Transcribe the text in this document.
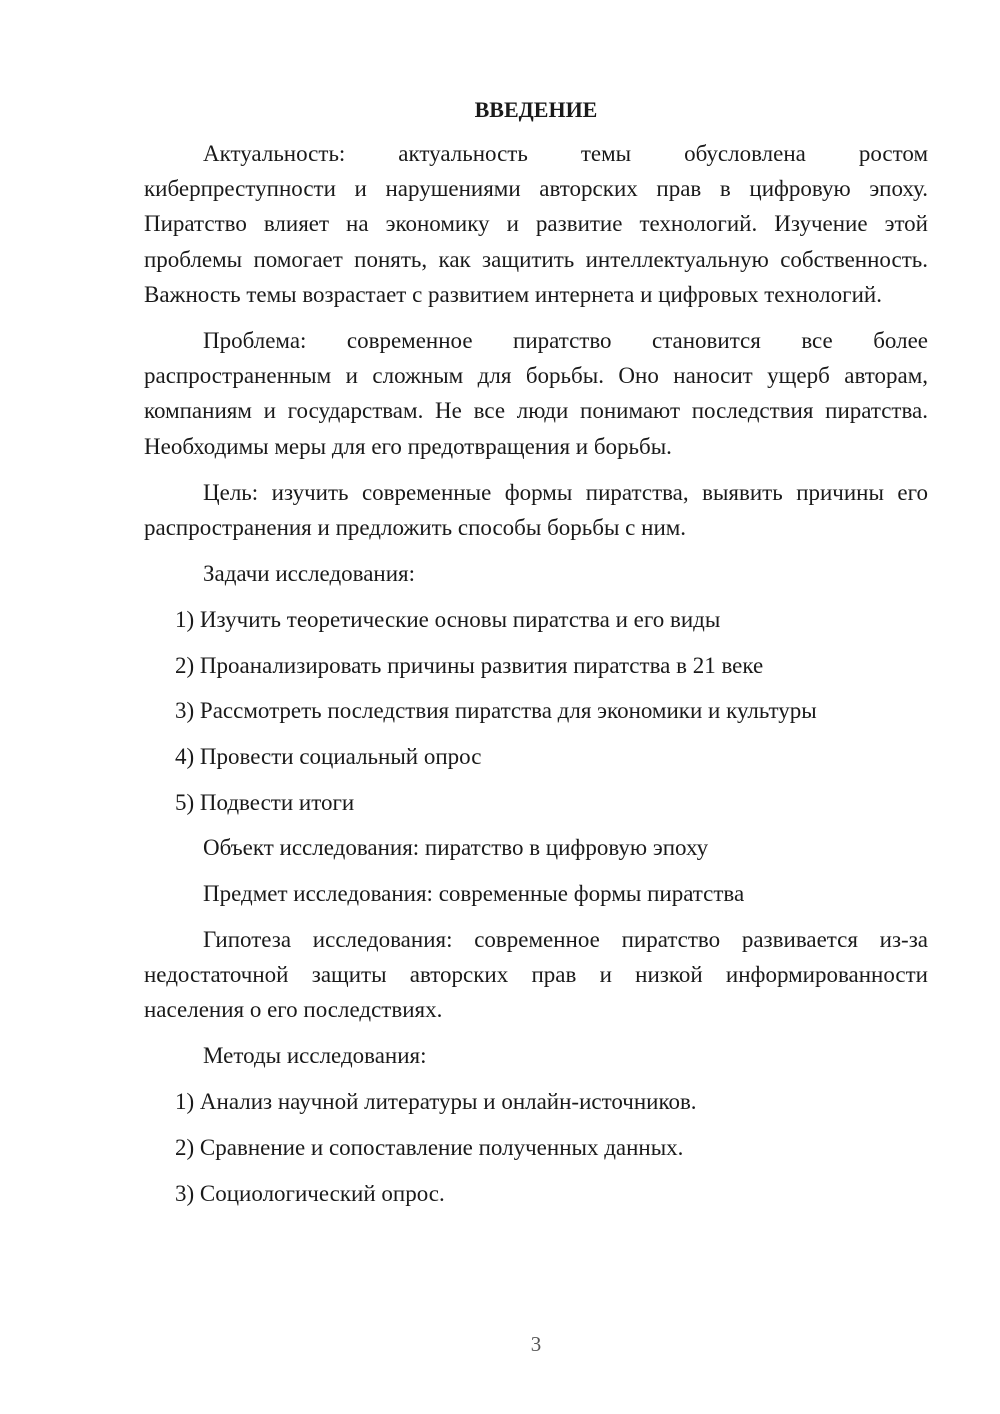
ВВЕДЕНИЕ

Актуальность: актуальность темы обусловлена ростом киберпреступности и нарушениями авторских прав в цифровую эпоху. Пиратство влияет на экономику и развитие технологий. Изучение этой проблемы помогает понять, как защитить интеллектуальную собственность. Важность темы возрастает с развитием интернета и цифровых технологий.

Проблема: современное пиратство становится все более распространенным и сложным для борьбы. Оно наносит ущерб авторам, компаниям и государствам. Не все люди понимают последствия пиратства. Необходимы меры для его предотвращения и борьбы.

Цель: изучить современные формы пиратства, выявить причины его распространения и предложить способы борьбы с ним.

Задачи исследования:
1) Изучить теоретические основы пиратства и его виды
2) Проанализировать причины развития пиратства в 21 веке
3) Рассмотреть последствия пиратства для экономики и культуры
4) Провести социальный опрос
5) Подвести итоги
Объект исследования: пиратство в цифровую эпоху
Предмет исследования: современные формы пиратства

Гипотеза исследования: современное пиратство развивается из-за недостаточной защиты авторских прав и низкой информированности населения о его последствиях.

Методы исследования:
1) Анализ научной литературы и онлайн-источников.
2) Сравнение и сопоставление полученных данных.
3) Социологический опрос.
3
